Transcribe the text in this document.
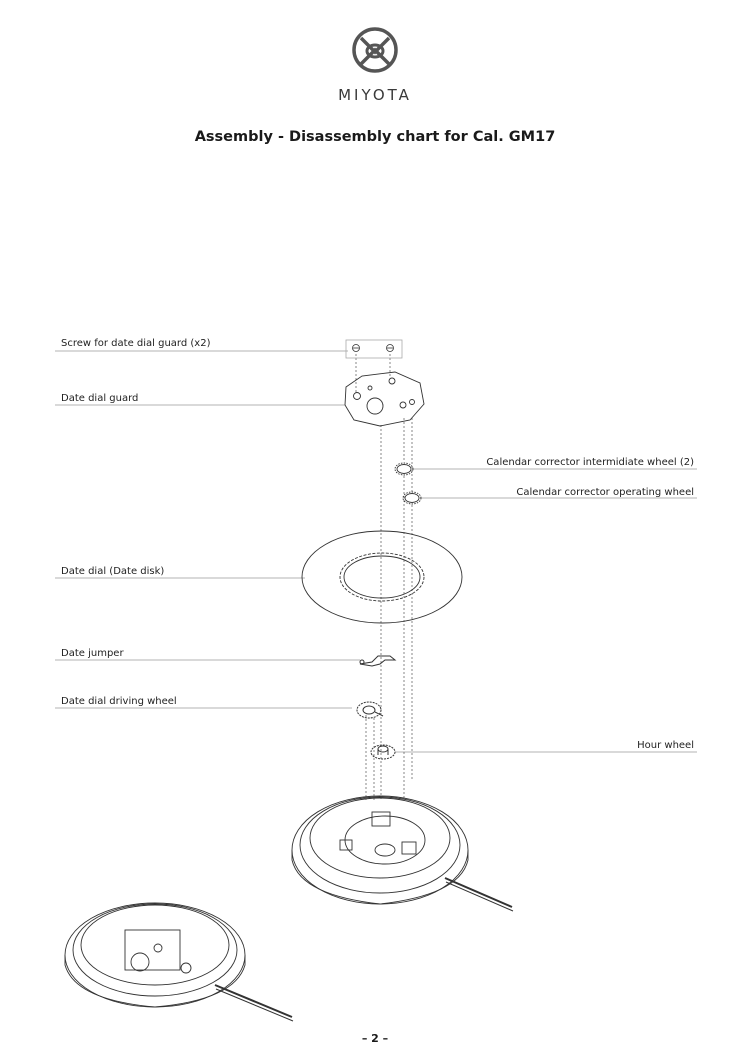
MIYOTA
Assembly - Disassembly chart for Cal. GM17
Screw for date dial guard (x2)
Date dial guard
Calendar corrector intermidiate wheel (2)
Calendar corrector operating wheel
Date dial (Date disk)
Date jumper
Date dial driving wheel
Hour wheel
– 2 –
